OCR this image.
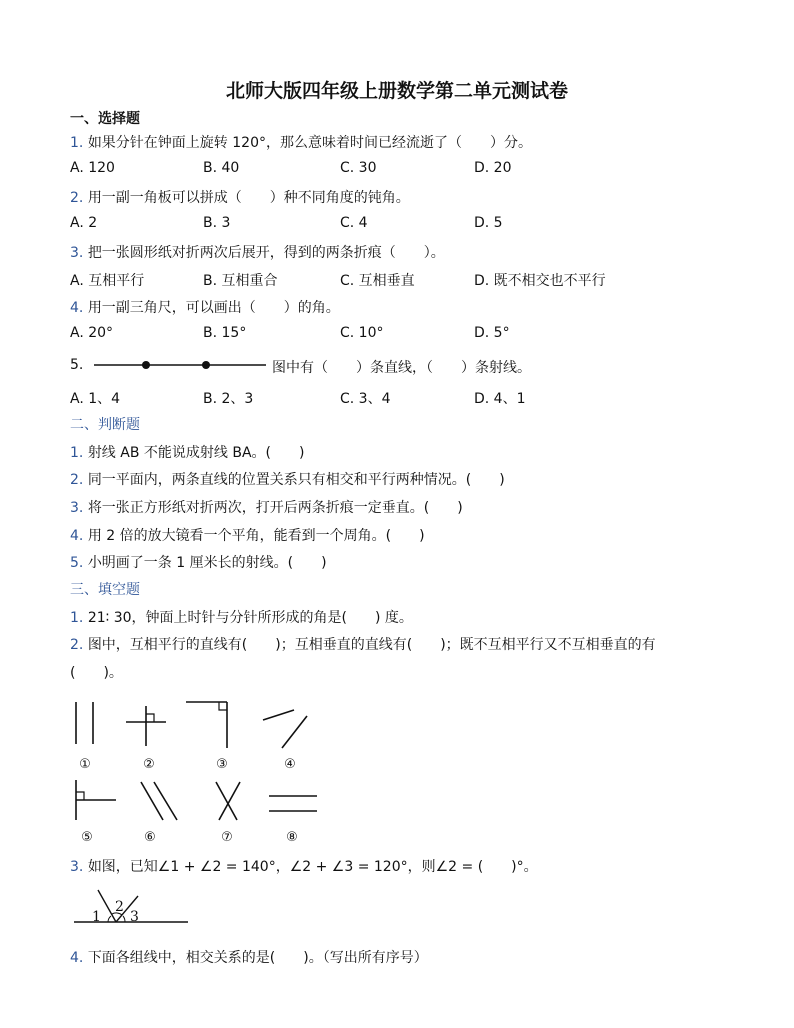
北师大版四年级上册数学第二单元测试卷
一、选择题
1. 如果分针在钟面上旋转 120°，那么意味着时间已经流逝了（　　）分。
A. 120	B. 40	C. 30	D. 20
2. 用一副一角板可以拼成（　　）种不同角度的钝角。
A. 2	B. 3	C. 4	D. 5
3. 把一张圆形纸对折两次后展开，得到的两条折痕（　　）。
A. 互相平行	B. 互相重合	C. 互相垂直	D. 既不相交也不平行
4. 用一副三角尺，可以画出（　　）的角。
A. 20°	B. 15°	C. 10°	D. 5°
5.	图中有（　　）条直线，（　　）条射线。
A. 1、4	B. 2、3	C. 3、4	D. 4、1
二、判断题
1. 射线 AB 不能说成射线 BA。(　　)
2. 同一平面内，两条直线的位置关系只有相交和平行两种情况。(　　)
3. 将一张正方形纸对折两次，打开后两条折痕一定垂直。(　　)
4. 用 2 倍的放大镜看一个平角，能看到一个周角。(　　)
5. 小明画了一条 1 厘米长的射线。(　　)
三、填空题
1. 21∶ 30，钟面上时针与分针所形成的角是(　　) 度。
2. 图中，互相平行的直线有(　　)；互相垂直的直线有(　　)；既不互相平行又不互相垂直的有
(　　)。
①	②	③	④
⑤	⑥	⑦	⑧
3. 如图，已知∠1 + ∠2 = 140°，∠2 + ∠3 = 120°，则∠2 = (　　)°。
1
2
3
4. 下面各组线中，相交关系的是(　　)。（写出所有序号）
